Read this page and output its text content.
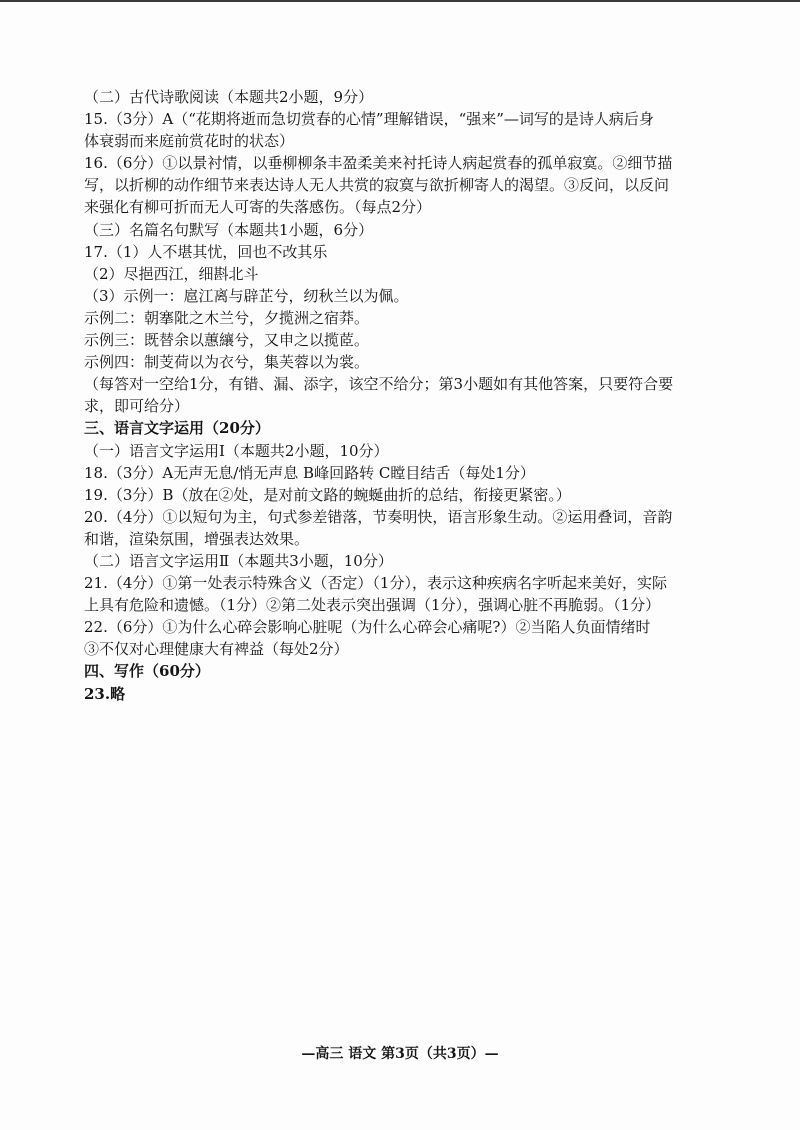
（二）古代诗歌阅读（本题共2小题，9分）
15.（3分）A（“花期将逝而急切赏春的心情”理解错误，“强来”—词写的是诗人病后身
体衰弱而来庭前赏花时的状态）
16.（6分）①以景衬情，以垂柳柳条丰盈柔美来衬托诗人病起赏春的孤单寂寞。②细节描
写，以折柳的动作细节来表达诗人无人共赏的寂寞与欲折柳寄人的渴望。③反问，以反问
来强化有柳可折而无人可寄的失落感伤。（每点2分）
（三）名篇名句默写（本题共1小题，6分）
17.（1）人不堪其忧，回也不改其乐
（2）尽挹西江，细斟北斗
（3）示例一：扈江离与辟芷兮，纫秋兰以为佩。
示例二：朝搴阰之木兰兮，夕揽洲之宿莽。
示例三：既替余以蕙纕兮，又申之以揽茝。
示例四：制芰荷以为衣兮，集芙蓉以为裳。
（每答对一空给1分，有错、漏、添字，该空不给分；第3小题如有其他答案，只要符合要
求，即可给分）
三、语言文字运用（20分）
（一）语言文字运用Ⅰ（本题共2小题，10分）
18.（3分）A无声无息/悄无声息 B峰回路转 C瞠目结舌（每处1分）
19.（3分）B（放在②处，是对前文路的蜿蜒曲折的总结，衔接更紧密。）
20.（4分）①以短句为主，句式参差错落，节奏明快，语言形象生动。②运用叠词，音韵
和谐，渲染氛围，增强表达效果。
（二）语言文字运用Ⅱ（本题共3小题，10分）
21.（4分）①第一处表示特殊含义（否定）（1分），表示这种疾病名字听起来美好，实际
上具有危险和遗憾。（1分）②第二处表示突出强调（1分），强调心脏不再脆弱。（1分）
22.（6分）①为什么心碎会影响心脏呢（为什么心碎会心痛呢?）②当陷人负面情绪时
③不仅对心理健康大有裨益（每处2分）
四、写作（60分）
23.略
—高三 语文 第3页（共3页）—
